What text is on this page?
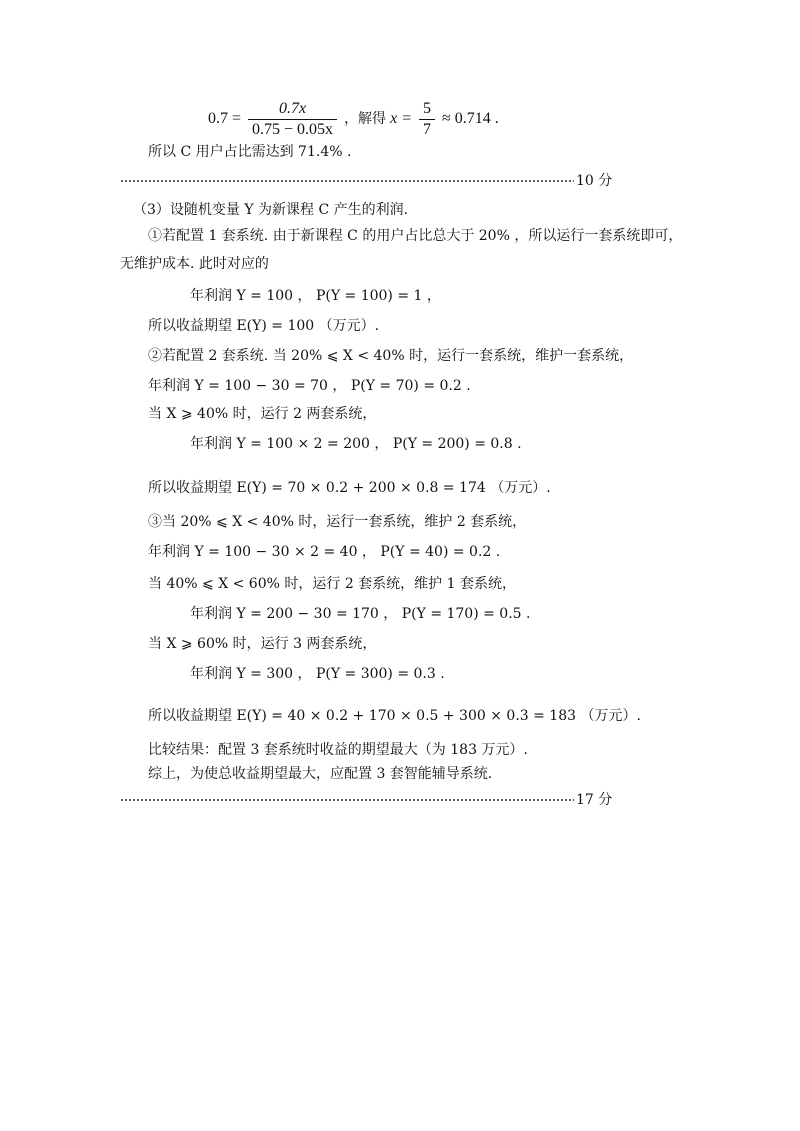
$0.7 = \frac{0.7x}{0.75 - 0.05x}$ ，解得 $x = \frac{5}{7} \approx 0.714$ .
所以 C 用户占比需达到 71.4% .
10 分
（3）设随机变量 Y 为新课程 C 产生的利润.
①若配置 1 套系统. 由于新课程 C 的用户占比总大于 20% ，所以运行一套系统即可，
无维护成本. 此时对应的
年利润 Y = 100 ， P(Y = 100) = 1 ，
所以收益期望 E(Y) = 100 （万元）.
②若配置 2 套系统. 当 20% ⩽ X < 40% 时，运行一套系统，维护一套系统，
年利润 Y = 100 − 30 = 70 ， P(Y = 70) = 0.2 .
当 X ⩾ 40% 时，运行 2 两套系统，
年利润 Y = 100 × 2 = 200 ， P(Y = 200) = 0.8 .
所以收益期望 E(Y) = 70 × 0.2 + 200 × 0.8 = 174 （万元）.
③当 20% ⩽ X < 40% 时，运行一套系统，维护 2 套系统，
年利润 Y = 100 − 30 × 2 = 40 ， P(Y = 40) = 0.2 .
当 40% ⩽ X < 60% 时，运行 2 套系统，维护 1 套系统，
年利润 Y = 200 − 30 = 170 ， P(Y = 170) = 0.5 .
当 X ⩾ 60% 时，运行 3 两套系统，
年利润 Y = 300 ， P(Y = 300) = 0.3 .
所以收益期望 E(Y) = 40 × 0.2 + 170 × 0.5 + 300 × 0.3 = 183 （万元）.
比较结果：配置 3 套系统时收益的期望最大（为 183 万元）.
综上，为使总收益期望最大，应配置 3 套智能辅导系统.
17 分
